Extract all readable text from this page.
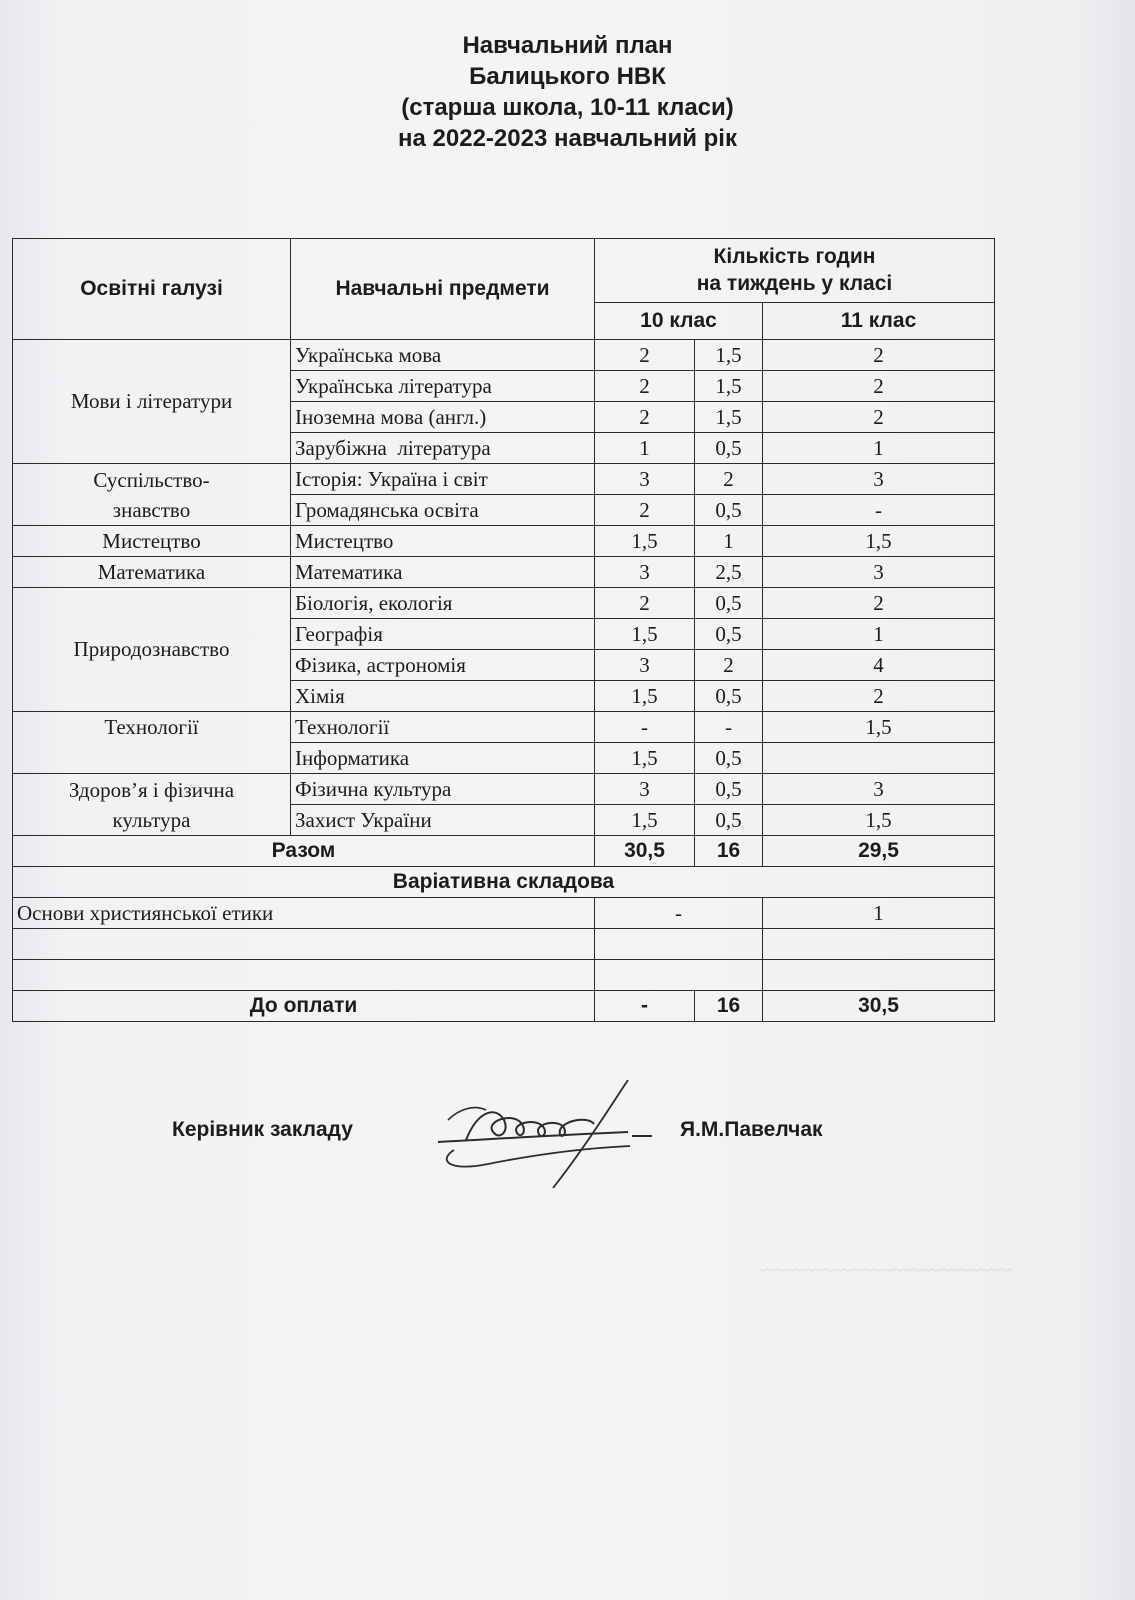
Навчальний план
Балицького НВК
(старша школа, 10-11 класи)
на 2022-2023 навчальний рік
Освітні галузі	Навчальні предмети	Кількість годин
на тиждень у класі		

		10 клас		11 клас
Мови і літератури	Українська мова	2	1,5	2
	Українська література	2	1,5	2
	Іноземна мова (англ.)	2	1,5	2
	Зарубіжна  література	1	0,5	1

Суспільство-
знавство	Історія: Україна і світ	3	2	3
	Громадянська освіта	2	0,5	-
Мистецтво	Мистецтво	1,5	1	1,5
Математика	Математика	3	2,5	3
Природознавство	Біологія, екологія	2	0,5	2
	Географія	1,5	0,5	1
	Фізика, астрономія	3	2	4
	Хімія	1,5	0,5	2
Технології	Технології	-	-	1,5
	Інформатика	1,5	0,5	

Здоров’я і фізична
культура	Фізична культура	3	0,5	3
	Захист України	1,5	0,5	1,5
Разом		30,5	16	29,5
Варіативна складова				
Основи християнської етики		-		1

До оплати		-	16	30,5
Керівник закладу	Я.М.Павелчак
~~~~~~~~~~~~~~~~~~~~~~~~~~
